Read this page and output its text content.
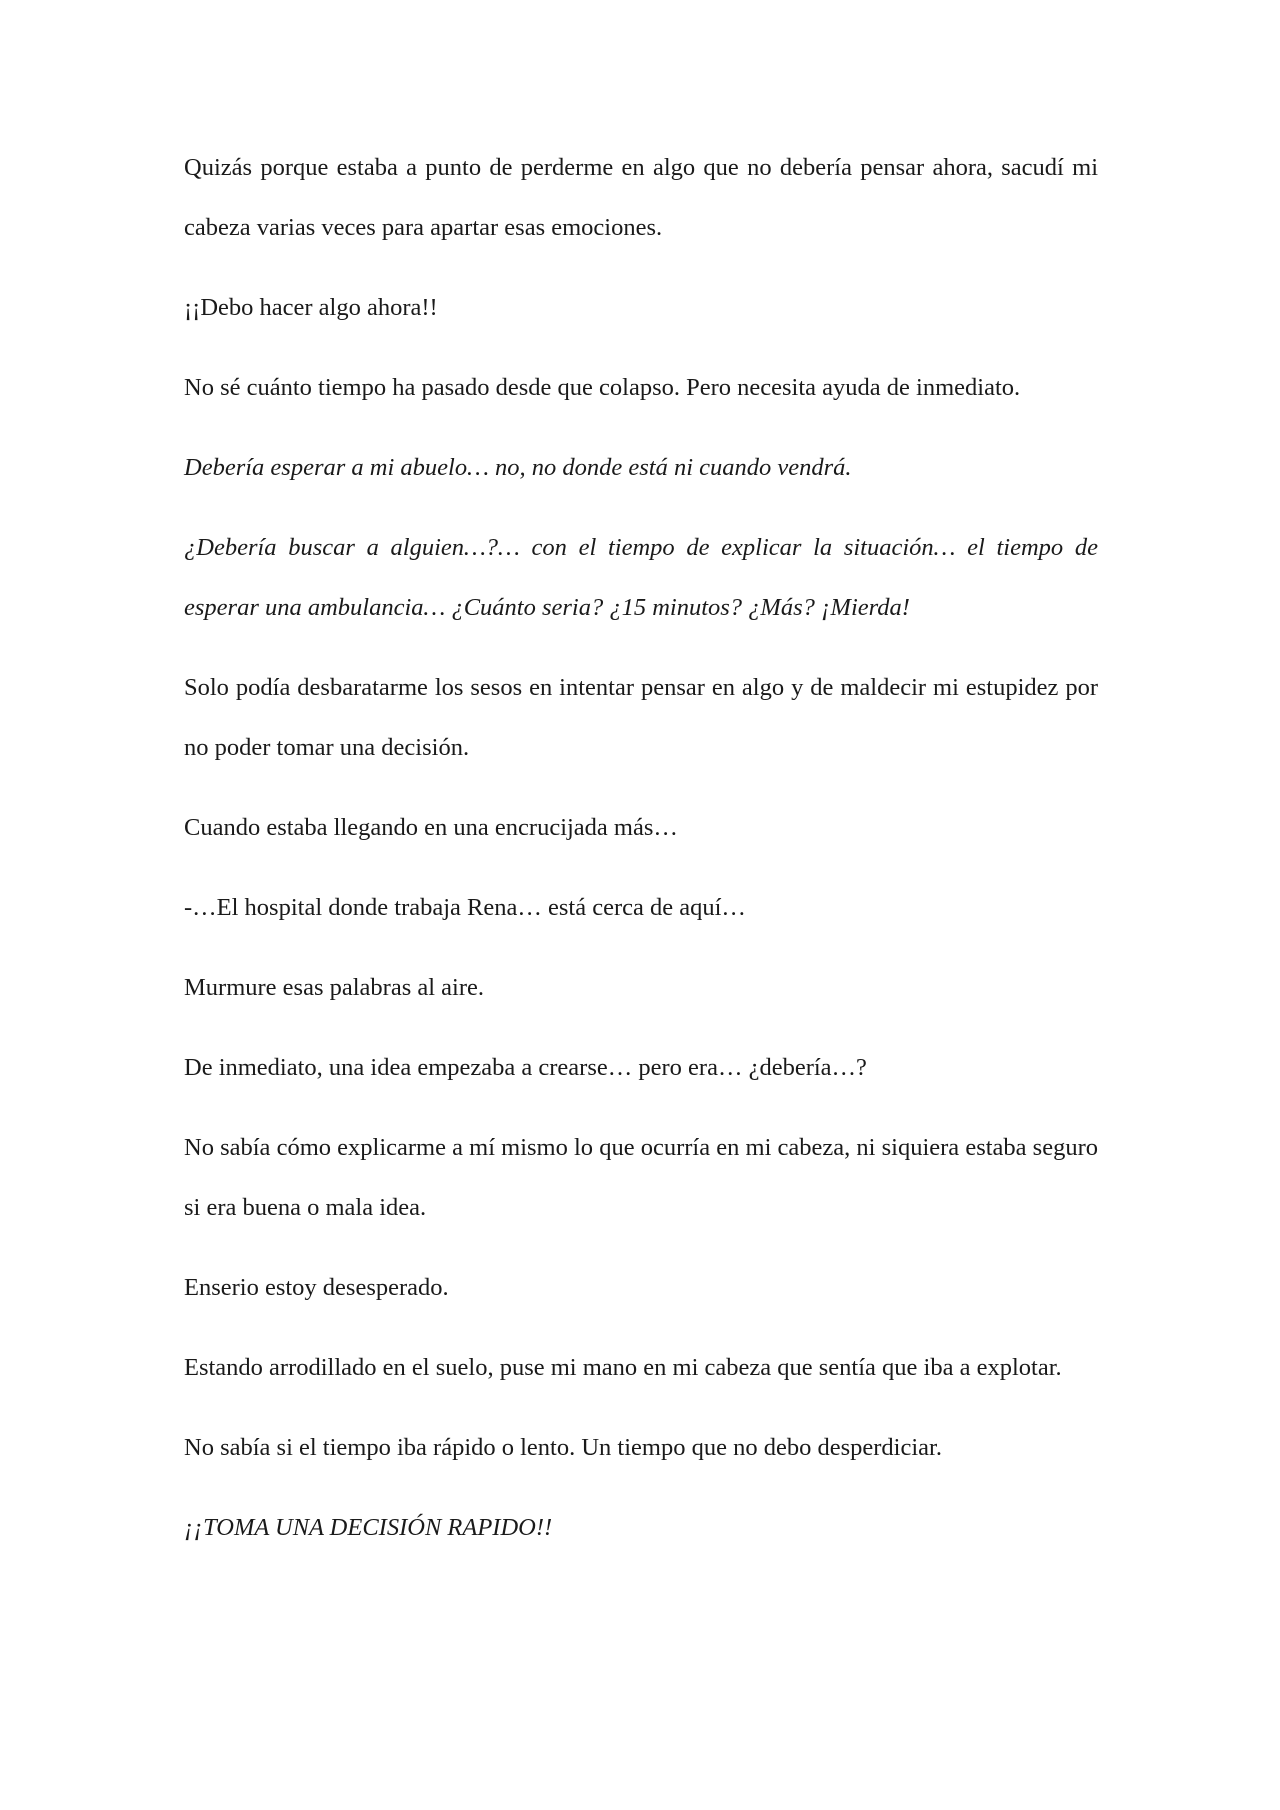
Quizás porque estaba a punto de perderme en algo que no debería pensar ahora, sacudí mi cabeza varias veces para apartar esas emociones.

¡¡Debo hacer algo ahora!!

No sé cuánto tiempo ha pasado desde que colapso. Pero necesita ayuda de inmediato.

Debería esperar a mi abuelo… no, no donde está ni cuando vendrá.

¿Debería buscar a alguien…?… con el tiempo de explicar la situación… el tiempo de esperar una ambulancia… ¿Cuánto seria? ¿15 minutos? ¿Más? ¡Mierda!

Solo podía desbaratarme los sesos en intentar pensar en algo y de maldecir mi estupidez por no poder tomar una decisión.

Cuando estaba llegando en una encrucijada más…

-…El hospital donde trabaja Rena… está cerca de aquí…

Murmure esas palabras al aire.

De inmediato, una idea empezaba a crearse… pero era… ¿debería…?

No sabía cómo explicarme a mí mismo lo que ocurría en mi cabeza, ni siquiera estaba seguro si era buena o mala idea.

Enserio estoy desesperado.

Estando arrodillado en el suelo, puse mi mano en mi cabeza que sentía que iba a explotar.

No sabía si el tiempo iba rápido o lento. Un tiempo que no debo desperdiciar.

¡¡TOMA UNA DECISIÓN RAPIDO!!
